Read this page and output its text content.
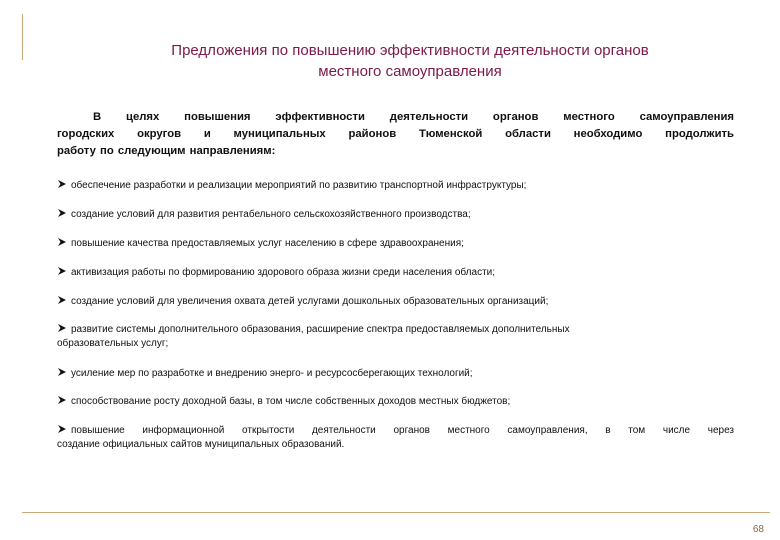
Предложения по повышению эффективности деятельности органов
местного самоуправления
В целях повышения эффективности деятельности органов местного самоуправления
городских округов и муниципальных районов Тюменской области необходимо продолжить
работу по следующим направлениям:
обеспечение разработки и реализации мероприятий по развитию транспортной инфраструктуры;
создание условий для развития рентабельного сельскохозяйственного производства;
повышение качества предоставляемых услуг населению в сфере здравоохранения;
активизация работы по формированию здорового образа жизни среди населения области;
создание условий для увеличения охвата детей услугами дошкольных образовательных организаций;
развитие системы дополнительного образования, расширение спектра предоставляемых дополнительных
образовательных услуг;
усиление мер по разработке и внедрению энерго- и ресурсосберегающих технологий;
способствование росту доходной базы, в том числе собственных доходов местных бюджетов;
повышение информационной открытости деятельности органов местного самоуправления, в том числе через
создание официальных сайтов муниципальных образований.
68
